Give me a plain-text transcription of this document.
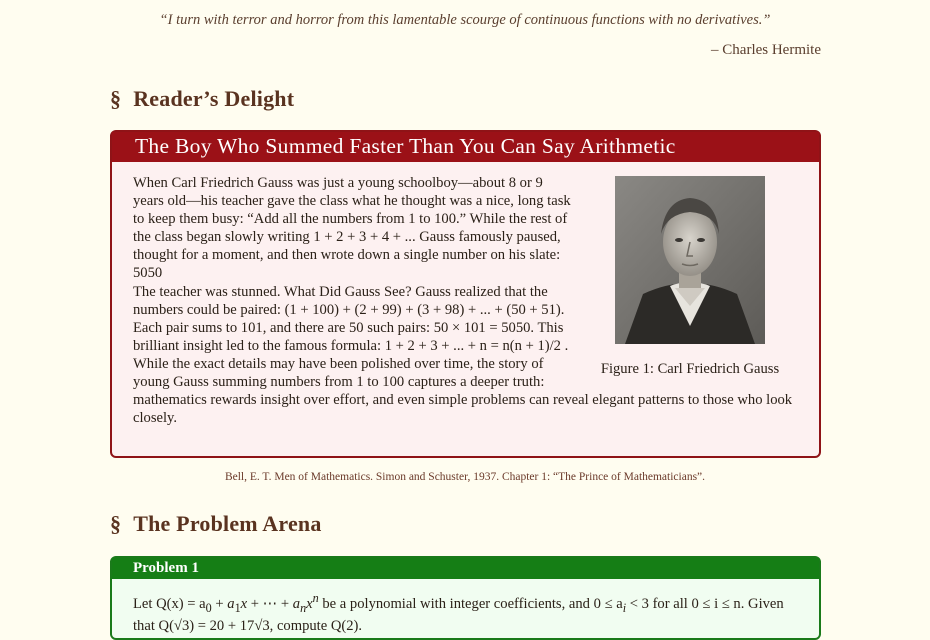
“I turn with terror and horror from this lamentable scourge of continuous functions with no derivatives.”
– Charles Hermite
§ Reader’s Delight
The Boy Who Summed Faster Than You Can Say Arithmetic
Figure 1: Carl Friedrich Gauss

When Carl Friedrich Gauss was just a young schoolboy—about 8 or 9 years old—his teacher gave the class what he thought was a nice, long task to keep them busy: “Add all the numbers from 1 to 100.” While the rest of the class began slowly writing 1 + 2 + 3 + 4 + ... Gauss famously paused, thought for a moment, and then wrote down a single number on his slate: 5050

The teacher was stunned. What Did Gauss See? Gauss realized that the numbers could be paired: (1 + 100) + (2 + 99) + (3 + 98) + ... + (50 + 51). Each pair sums to 101, and there are 50 such pairs: 50 × 101 = 5050. This brilliant insight led to the famous formula: 1 + 2 + 3 + ... + n = n(n + 1)/2 .

While the exact details may have been polished over time, the story of young Gauss summing numbers from 1 to 100 captures a deeper truth: mathematics rewards insight over effort, and even simple problems can reveal elegant patterns to those who look closely.

Bell, E. T. Men of Mathematics. Simon and Schuster, 1937. Chapter 1: “The Prince of Mathematicians”.
§ The Problem Arena
Problem 1
Let $Q(x) = a_0 + a_1x$ + ⋯ + $a_nx^n$ be a polynomial with integer coefficients, and $0 \le a_i < 3$ for all 0 ≤ i ≤ n. Given that Q(√3) = 20 + 17√3, compute Q(2).
